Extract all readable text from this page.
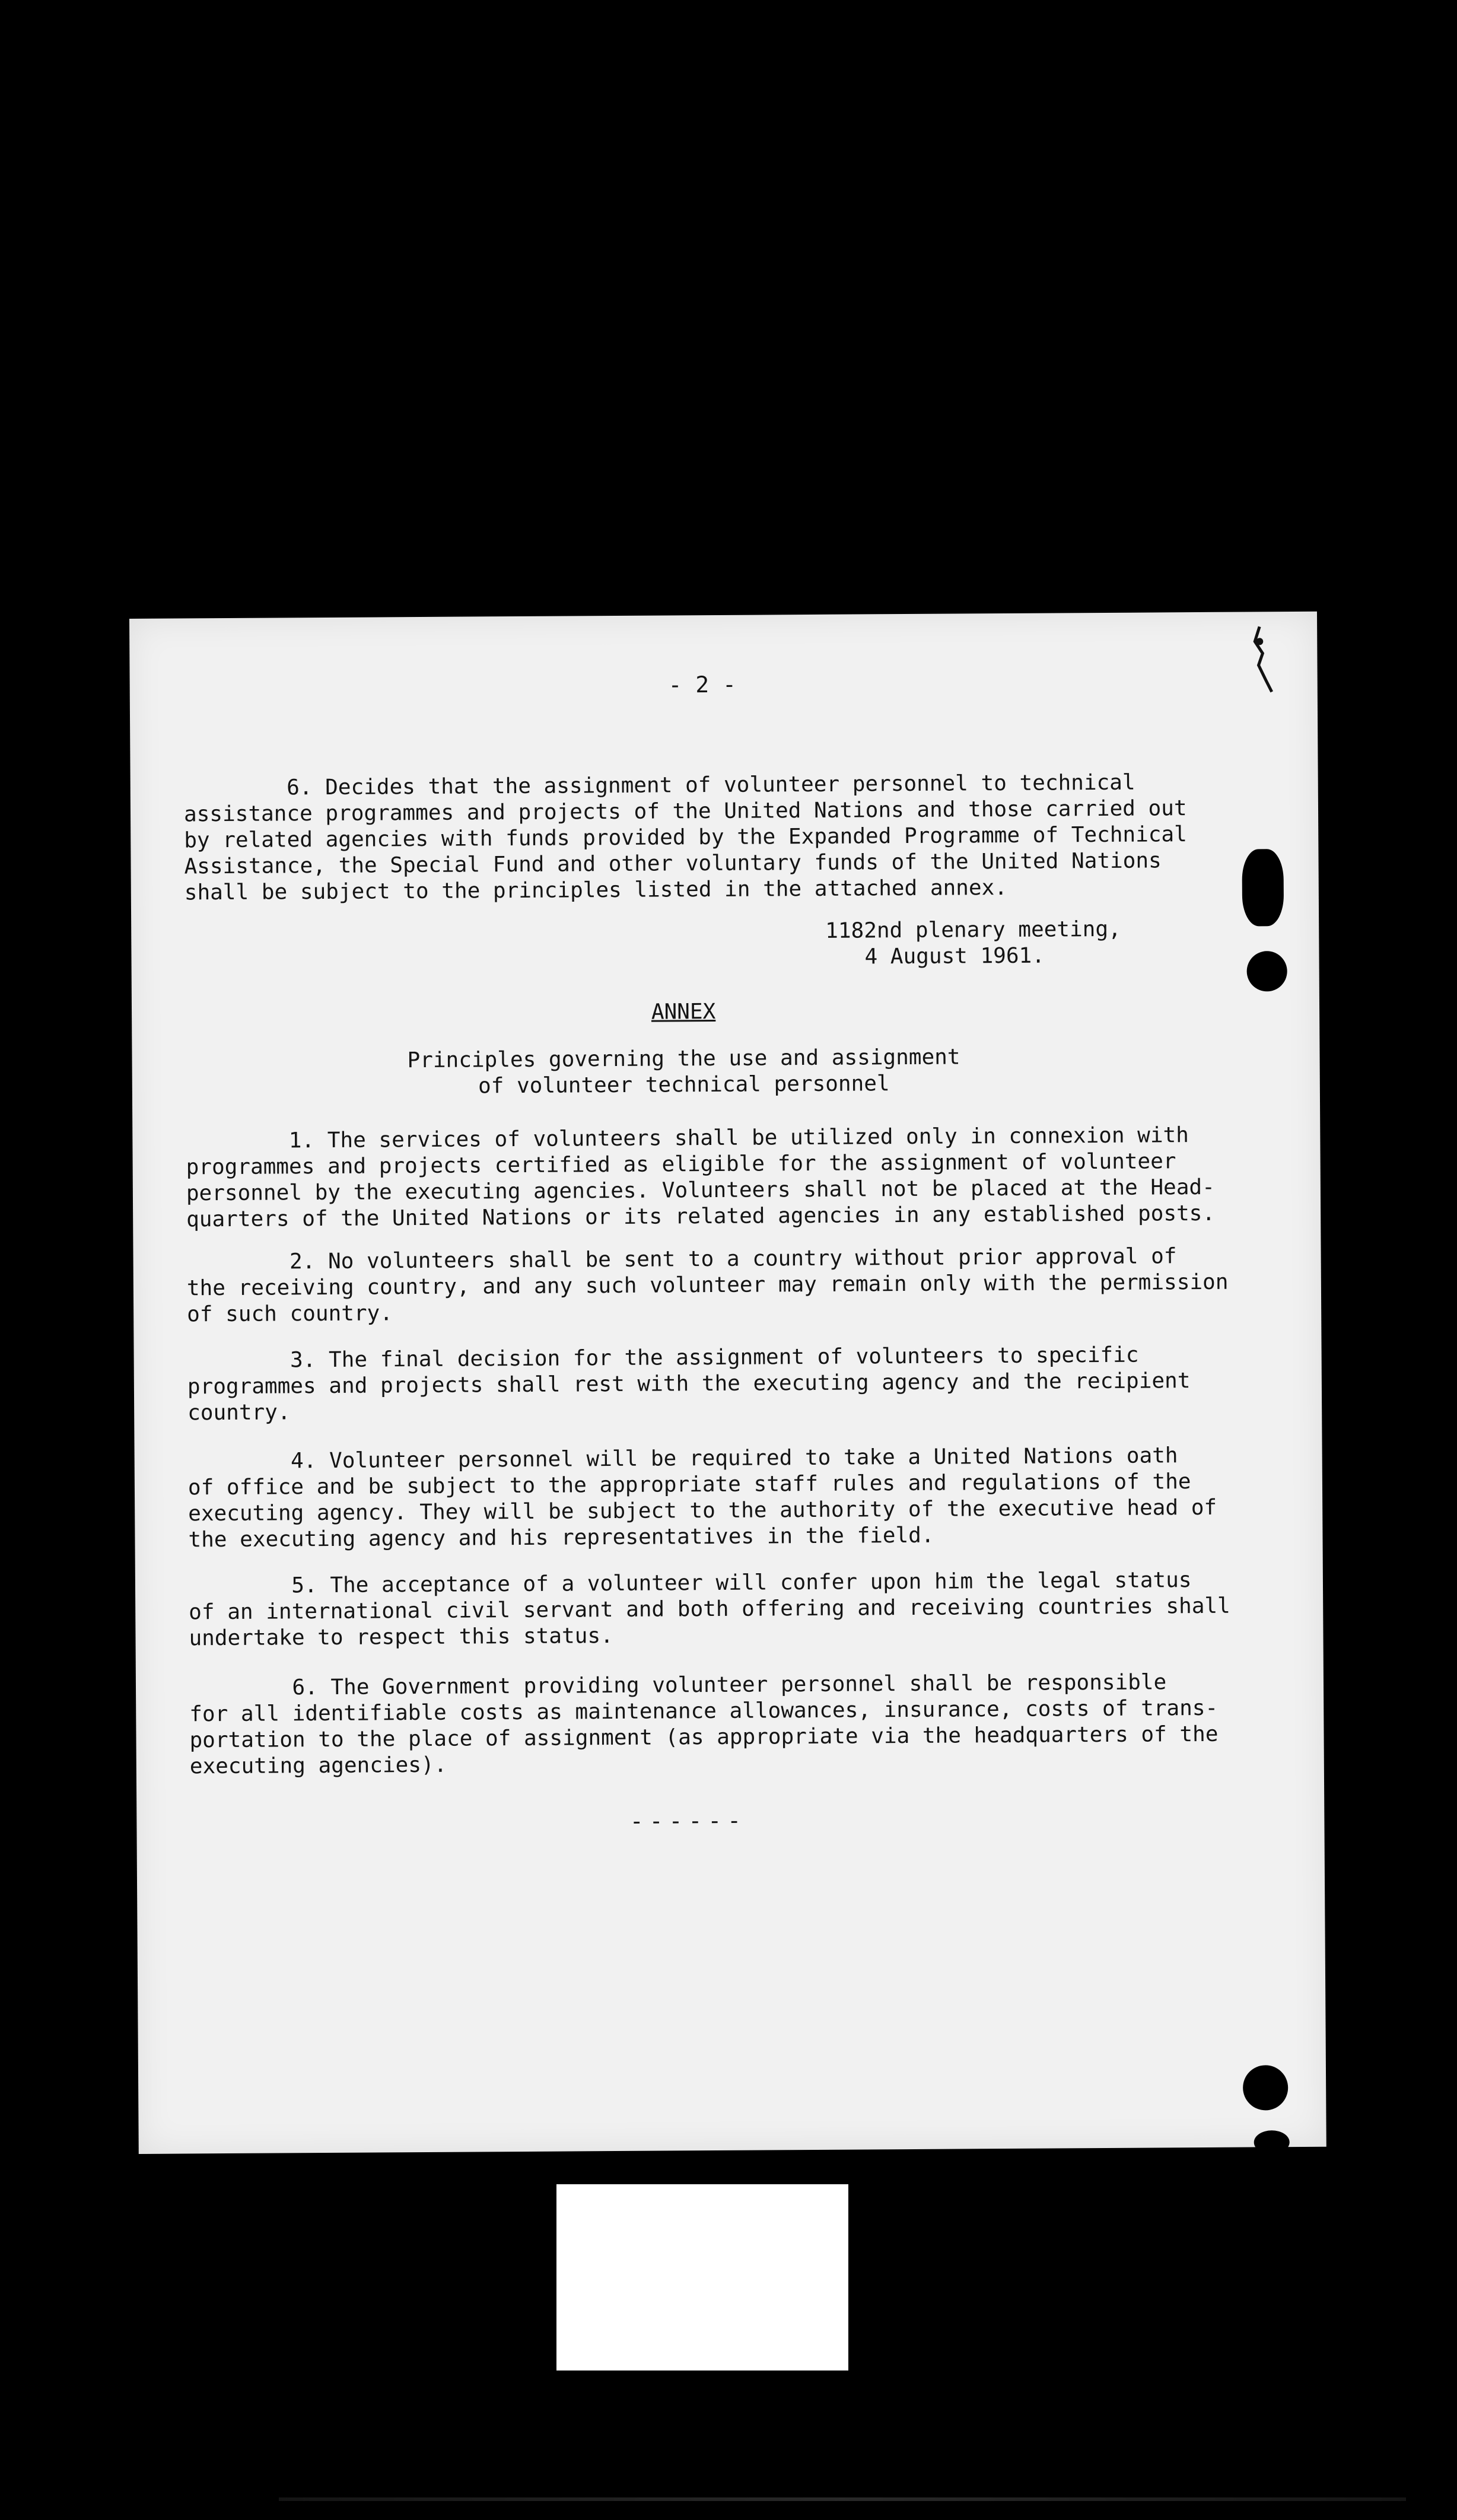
- 2 -
6. Decides that the assignment of volunteer personnel to technical
assistance programmes and projects of the United Nations and those carried out
by related agencies with funds provided by the Expanded Programme of Technical
Assistance, the Special Fund and other voluntary funds of the United Nations
shall be subject to the principles listed in the attached annex.
1182nd plenary meeting,
4 August 1961.
ANNEX
Principles governing the use and assignment
of volunteer technical personnel
1. The services of volunteers shall be utilized only in connexion with
programmes and projects certified as eligible for the assignment of volunteer
personnel by the executing agencies. Volunteers shall not be placed at the Head-
quarters of the United Nations or its related agencies in any established posts.
2. No volunteers shall be sent to a country without prior approval of
the receiving country, and any such volunteer may remain only with the permission
of such country.
3. The final decision for the assignment of volunteers to specific
programmes and projects shall rest with the executing agency and the recipient
country.
4. Volunteer personnel will be required to take a United Nations oath
of office and be subject to the appropriate staff rules and regulations of the
executing agency. They will be subject to the authority of the executive head of
the executing agency and his representatives in the field.
5. The acceptance of a volunteer will confer upon him the legal status
of an international civil servant and both offering and receiving countries shall
undertake to respect this status.
6. The Government providing volunteer personnel shall be responsible
for all identifiable costs as maintenance allowances, insurance, costs of trans-
portation to the place of assignment (as appropriate via the headquarters of the
executing agencies).
------
